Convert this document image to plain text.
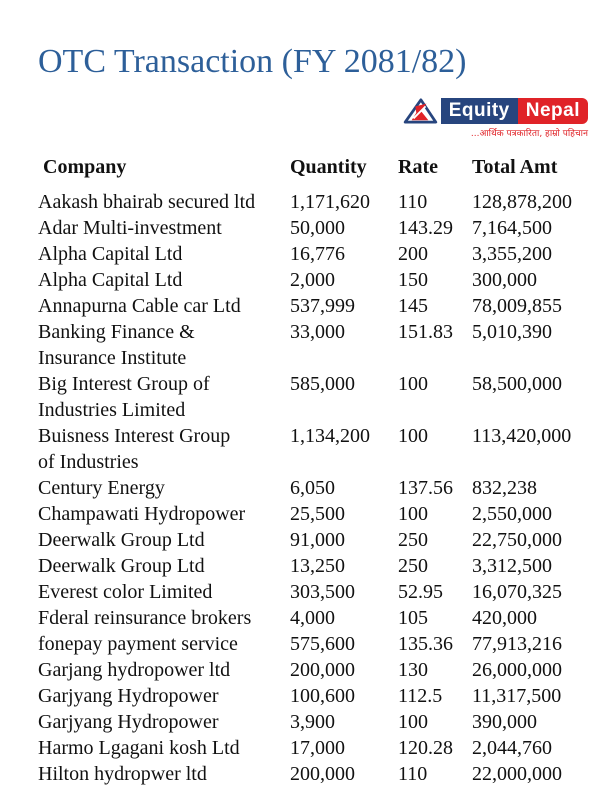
OTC Transaction (FY 2081/82)
Equity Nepal
...आर्थिक पत्रकारिता, हाम्रो पहिचान
Company	Quantity	Rate	Total Amt
Aakash bhairab secured ltd	1,171,620	110	128,878,200
Adar Multi-investment	50,000	143.29 7,164,500
Alpha Capital Ltd	16,776	200	3,355,200
Alpha Capital Ltd	2,000	150	300,000
Annapurna Cable car Ltd	537,999	145	78,009,855
Banking Finance &
Insurance Institute
33,000	151.83 5,010,390
Big Interest Group of
Industries Limited
585,000	100	58,500,000
Buisness Interest Group
of Industries
1,134,200	100	113,420,000
Century Energy	6,050	137.56 832,238
Champawati Hydropower	25,500	100	2,550,000
Deerwalk Group Ltd	91,000	250	22,750,000
Deerwalk Group Ltd	13,250	250	3,312,500
Everest color Limited	303,500	52.95	16,070,325
Fderal reinsurance brokers	4,000	105	420,000
fonepay payment service	575,600	135.36 77,913,216
Garjang hydropower ltd	200,000	130	26,000,000
Garjyang Hydropower	100,600	112.5	11,317,500
Garjyang Hydropower	3,900	100	390,000
Harmo Lgagani kosh Ltd	17,000	120.28 2,044,760
Hilton hydropwer ltd	200,000	110	22,000,000
